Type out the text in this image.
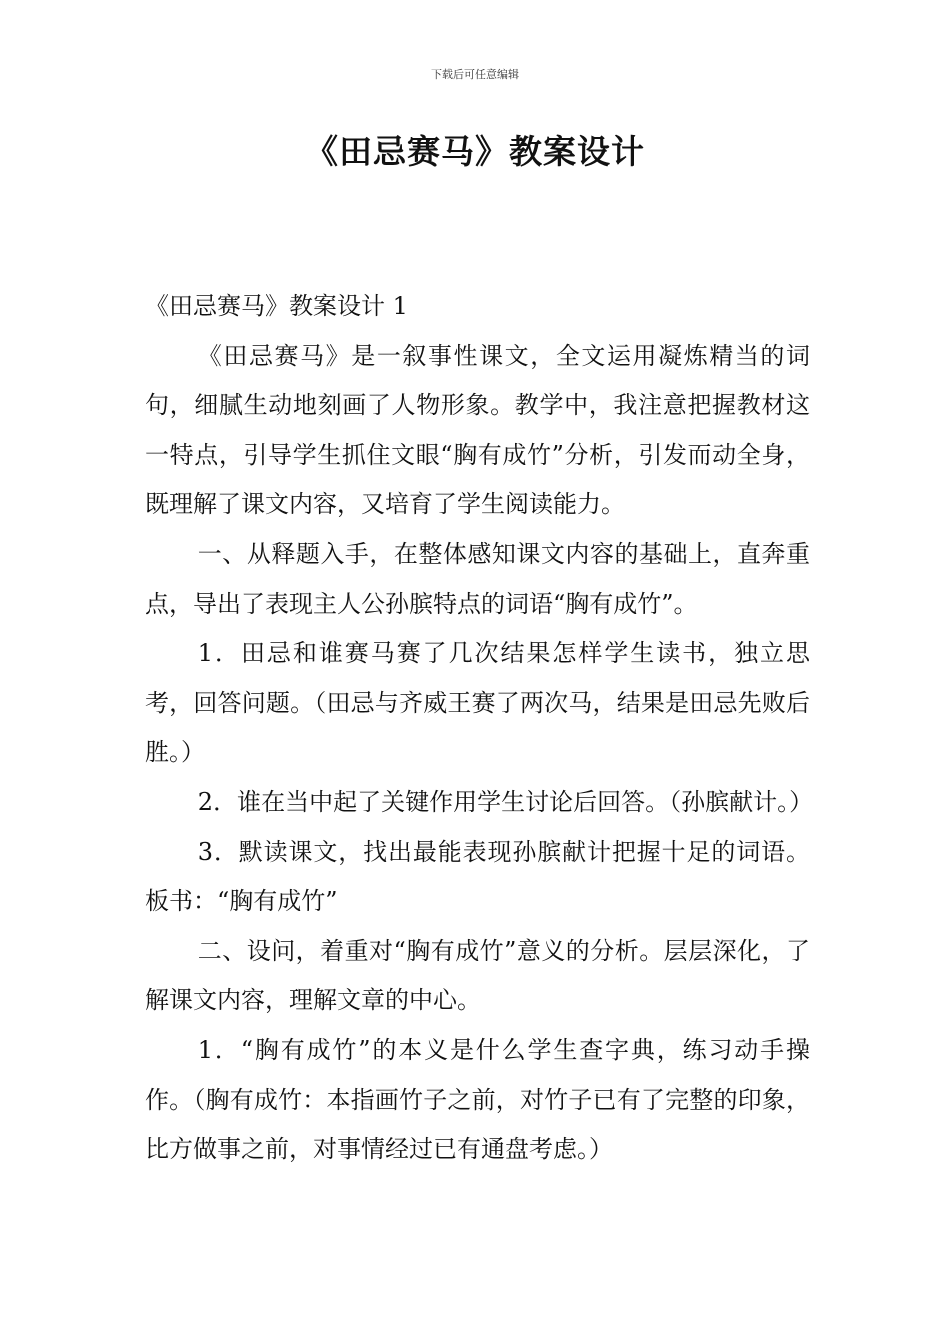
下载后可任意编辑
《田忌赛马》教案设计

《田忌赛马》教案设计 1

《田忌赛马》是一叙事性课文，全文运用凝炼精当的词句，细腻生动地刻画了人物形象。教学中，我注意把握教材这一特点，引导学生抓住文眼“胸有成竹”分析，引发而动全身，既理解了课文内容，又培育了学生阅读能力。

一、从释题入手，在整体感知课文内容的基础上，直奔重点，导出了表现主人公孙膑特点的词语“胸有成竹”。

1．田忌和谁赛马赛了几次结果怎样学生读书，独立思考，回答问题。（田忌与齐威王赛了两次马，结果是田忌先败后胜。）

2．谁在当中起了关键作用学生讨论后回答。（孙膑献计。）

3．默读课文，找出最能表现孙膑献计把握十足的词语。板书：“胸有成竹”

二、设问，着重对“胸有成竹”意义的分析。层层深化，了解课文内容，理解文章的中心。

1．“胸有成竹”的本义是什么学生查字典，练习动手操作。（胸有成竹：本指画竹子之前，对竹子已有了完整的印象，比方做事之前，对事情经过已有通盘考虑。）
